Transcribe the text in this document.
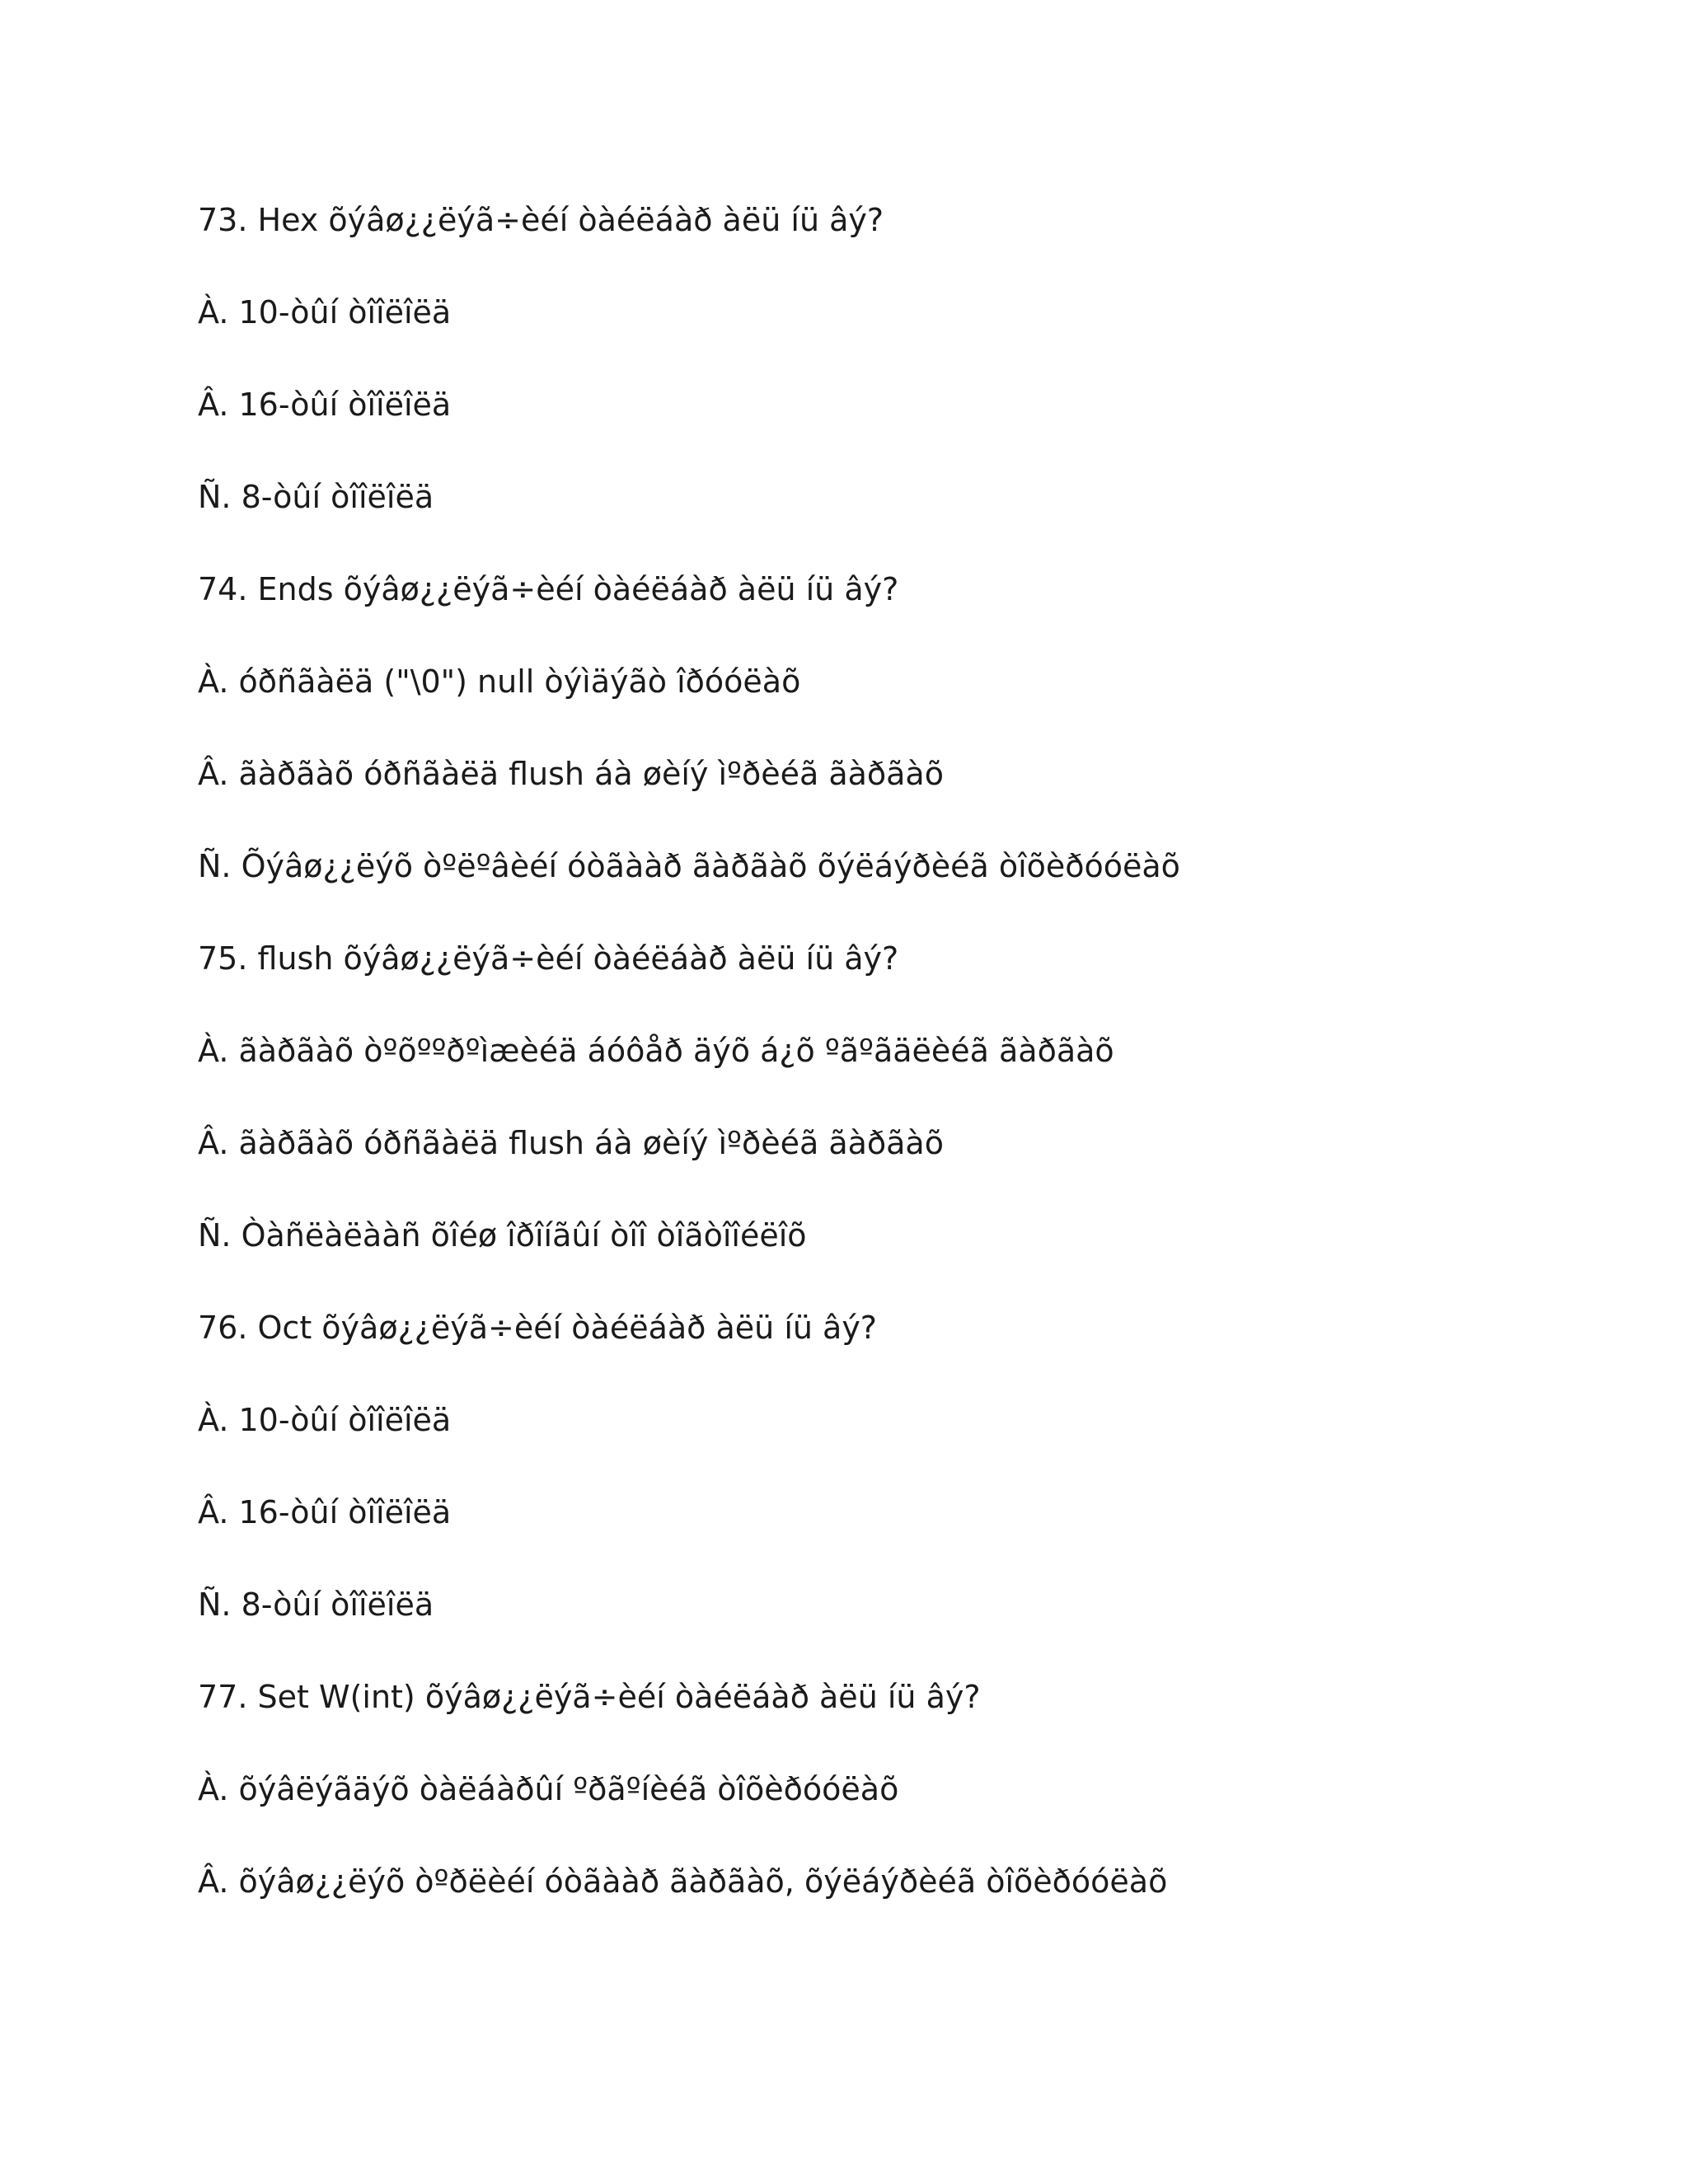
73. Hex õýâø¿¿ëýã÷èéí òàéëáàð àëü íü âý?
À. 10-òûí òîîëîëä
Â. 16-òûí òîîëîëä
Ñ. 8-òûí òîîëîëä
74. Ends õýâø¿¿ëýã÷èéí òàéëáàð àëü íü âý?
À. óðñãàëä ("\0") null òýìäýãò îðóóëàõ
Â. ãàðãàõ óðñãàëä flush áà øèíý ìºðèéã ãàðãàõ
Ñ. Õýâø¿¿ëýõ òºëºâèéí óòãààð ãàðãàõ õýëáýðèéã òîõèðóóëàõ
75. flush õýâø¿¿ëýã÷èéí òàéëáàð àëü íü âý?
À. ãàðãàõ òºõººðºìæèéä áóôåð äýõ á¿õ ºãºãäëèéã ãàðãàõ
Â. ãàðãàõ óðñãàëä flush áà øèíý ìºðèéã ãàðãàõ
Ñ. Òàñëàëààñ õîéø îðîíãûí òîî òîãòîîéëîõ
76. Oct õýâø¿¿ëýã÷èéí òàéëáàð àëü íü âý?
À. 10-òûí òîîëîëä
Â. 16-òûí òîîëîëä
Ñ. 8-òûí òîîëîëä
77. Set W(int) õýâø¿¿ëýã÷èéí òàéëáàð àëü íü âý?
À. õýâëýãäýõ òàëáàðûí ºðãºíèéã òîõèðóóëàõ
Â. õýâø¿¿ëýõ òºðëèéí óòãààð ãàðãàõ, õýëáýðèéã òîõèðóóëàõ
